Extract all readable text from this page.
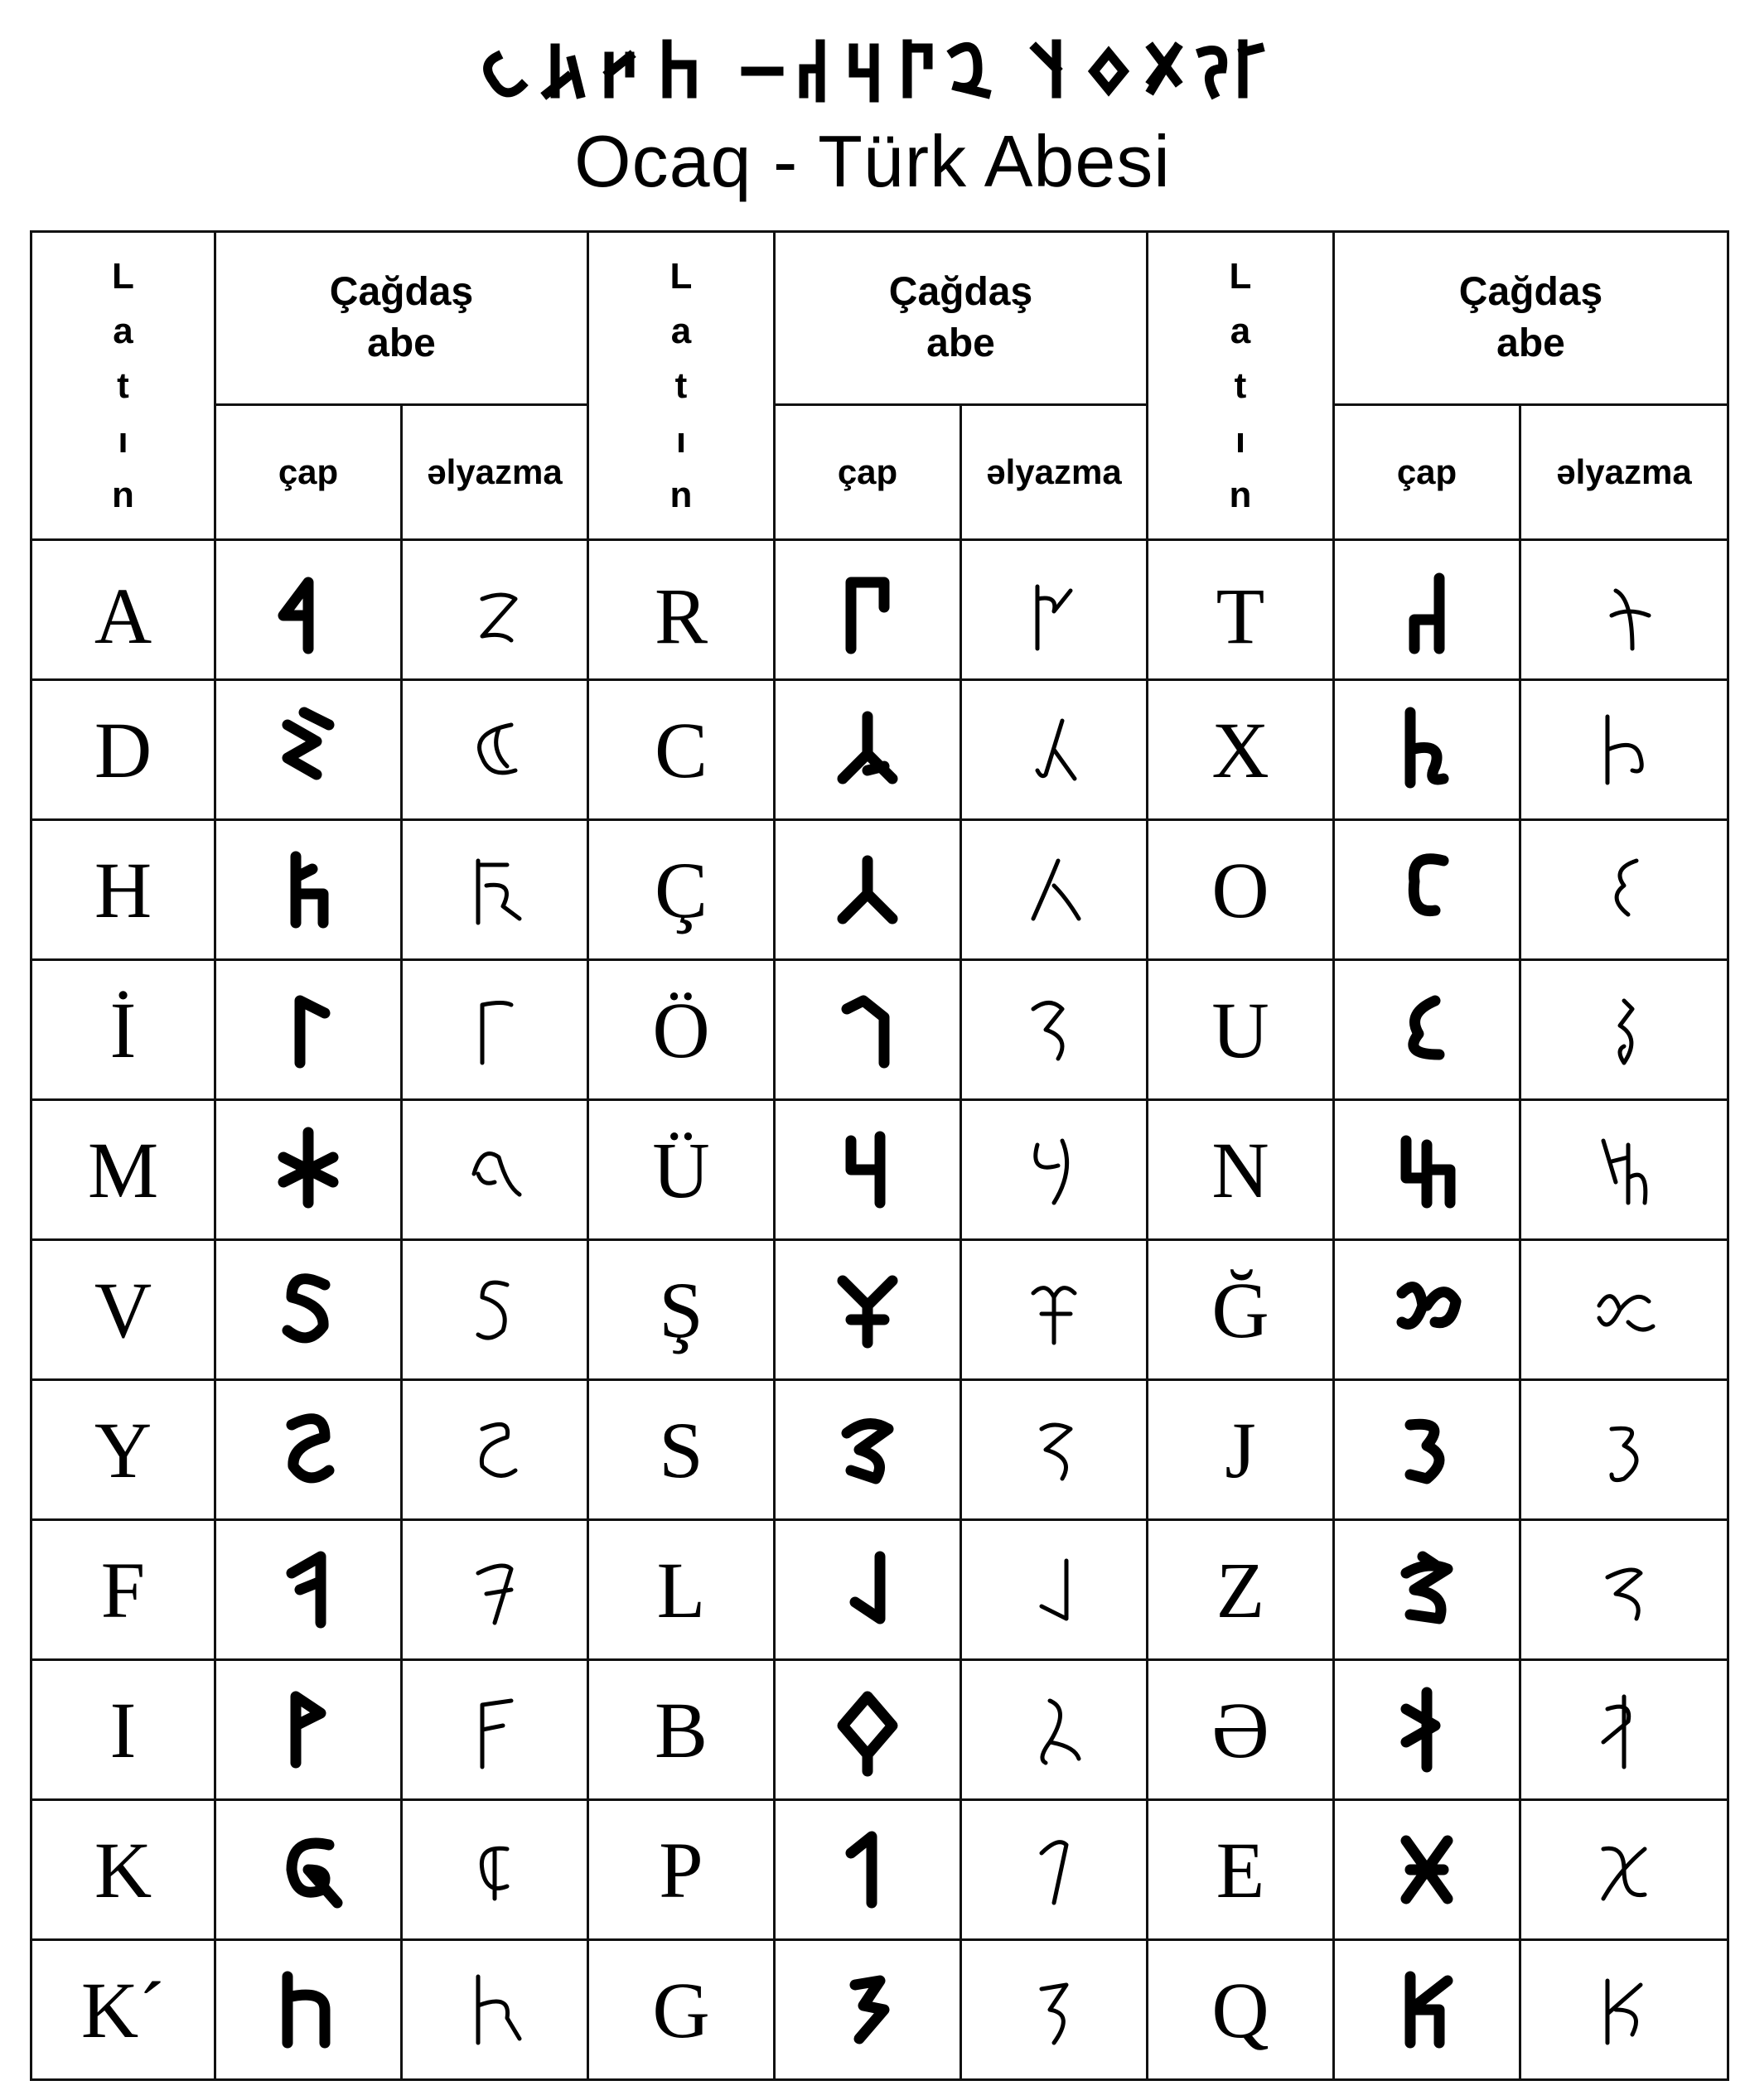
Ocaq - Türk Abesi
L
a
t
ı
n	Çağdaş abe		L
a
t
ı
n	Çağdaş abe		L
a
t
ı
n	Çağdaş abe	

	çap	əlyazma		çap	əlyazma		çap	əlyazma
A			R			T	

D			C			X	

H			Ç			O	

İ			Ö			U	

M			Ü			N	

V			Ş			Ğ	

Y			S			J	

F			L			Z	

I			B			Ə	

K			P			E	

K´			G			Q	
